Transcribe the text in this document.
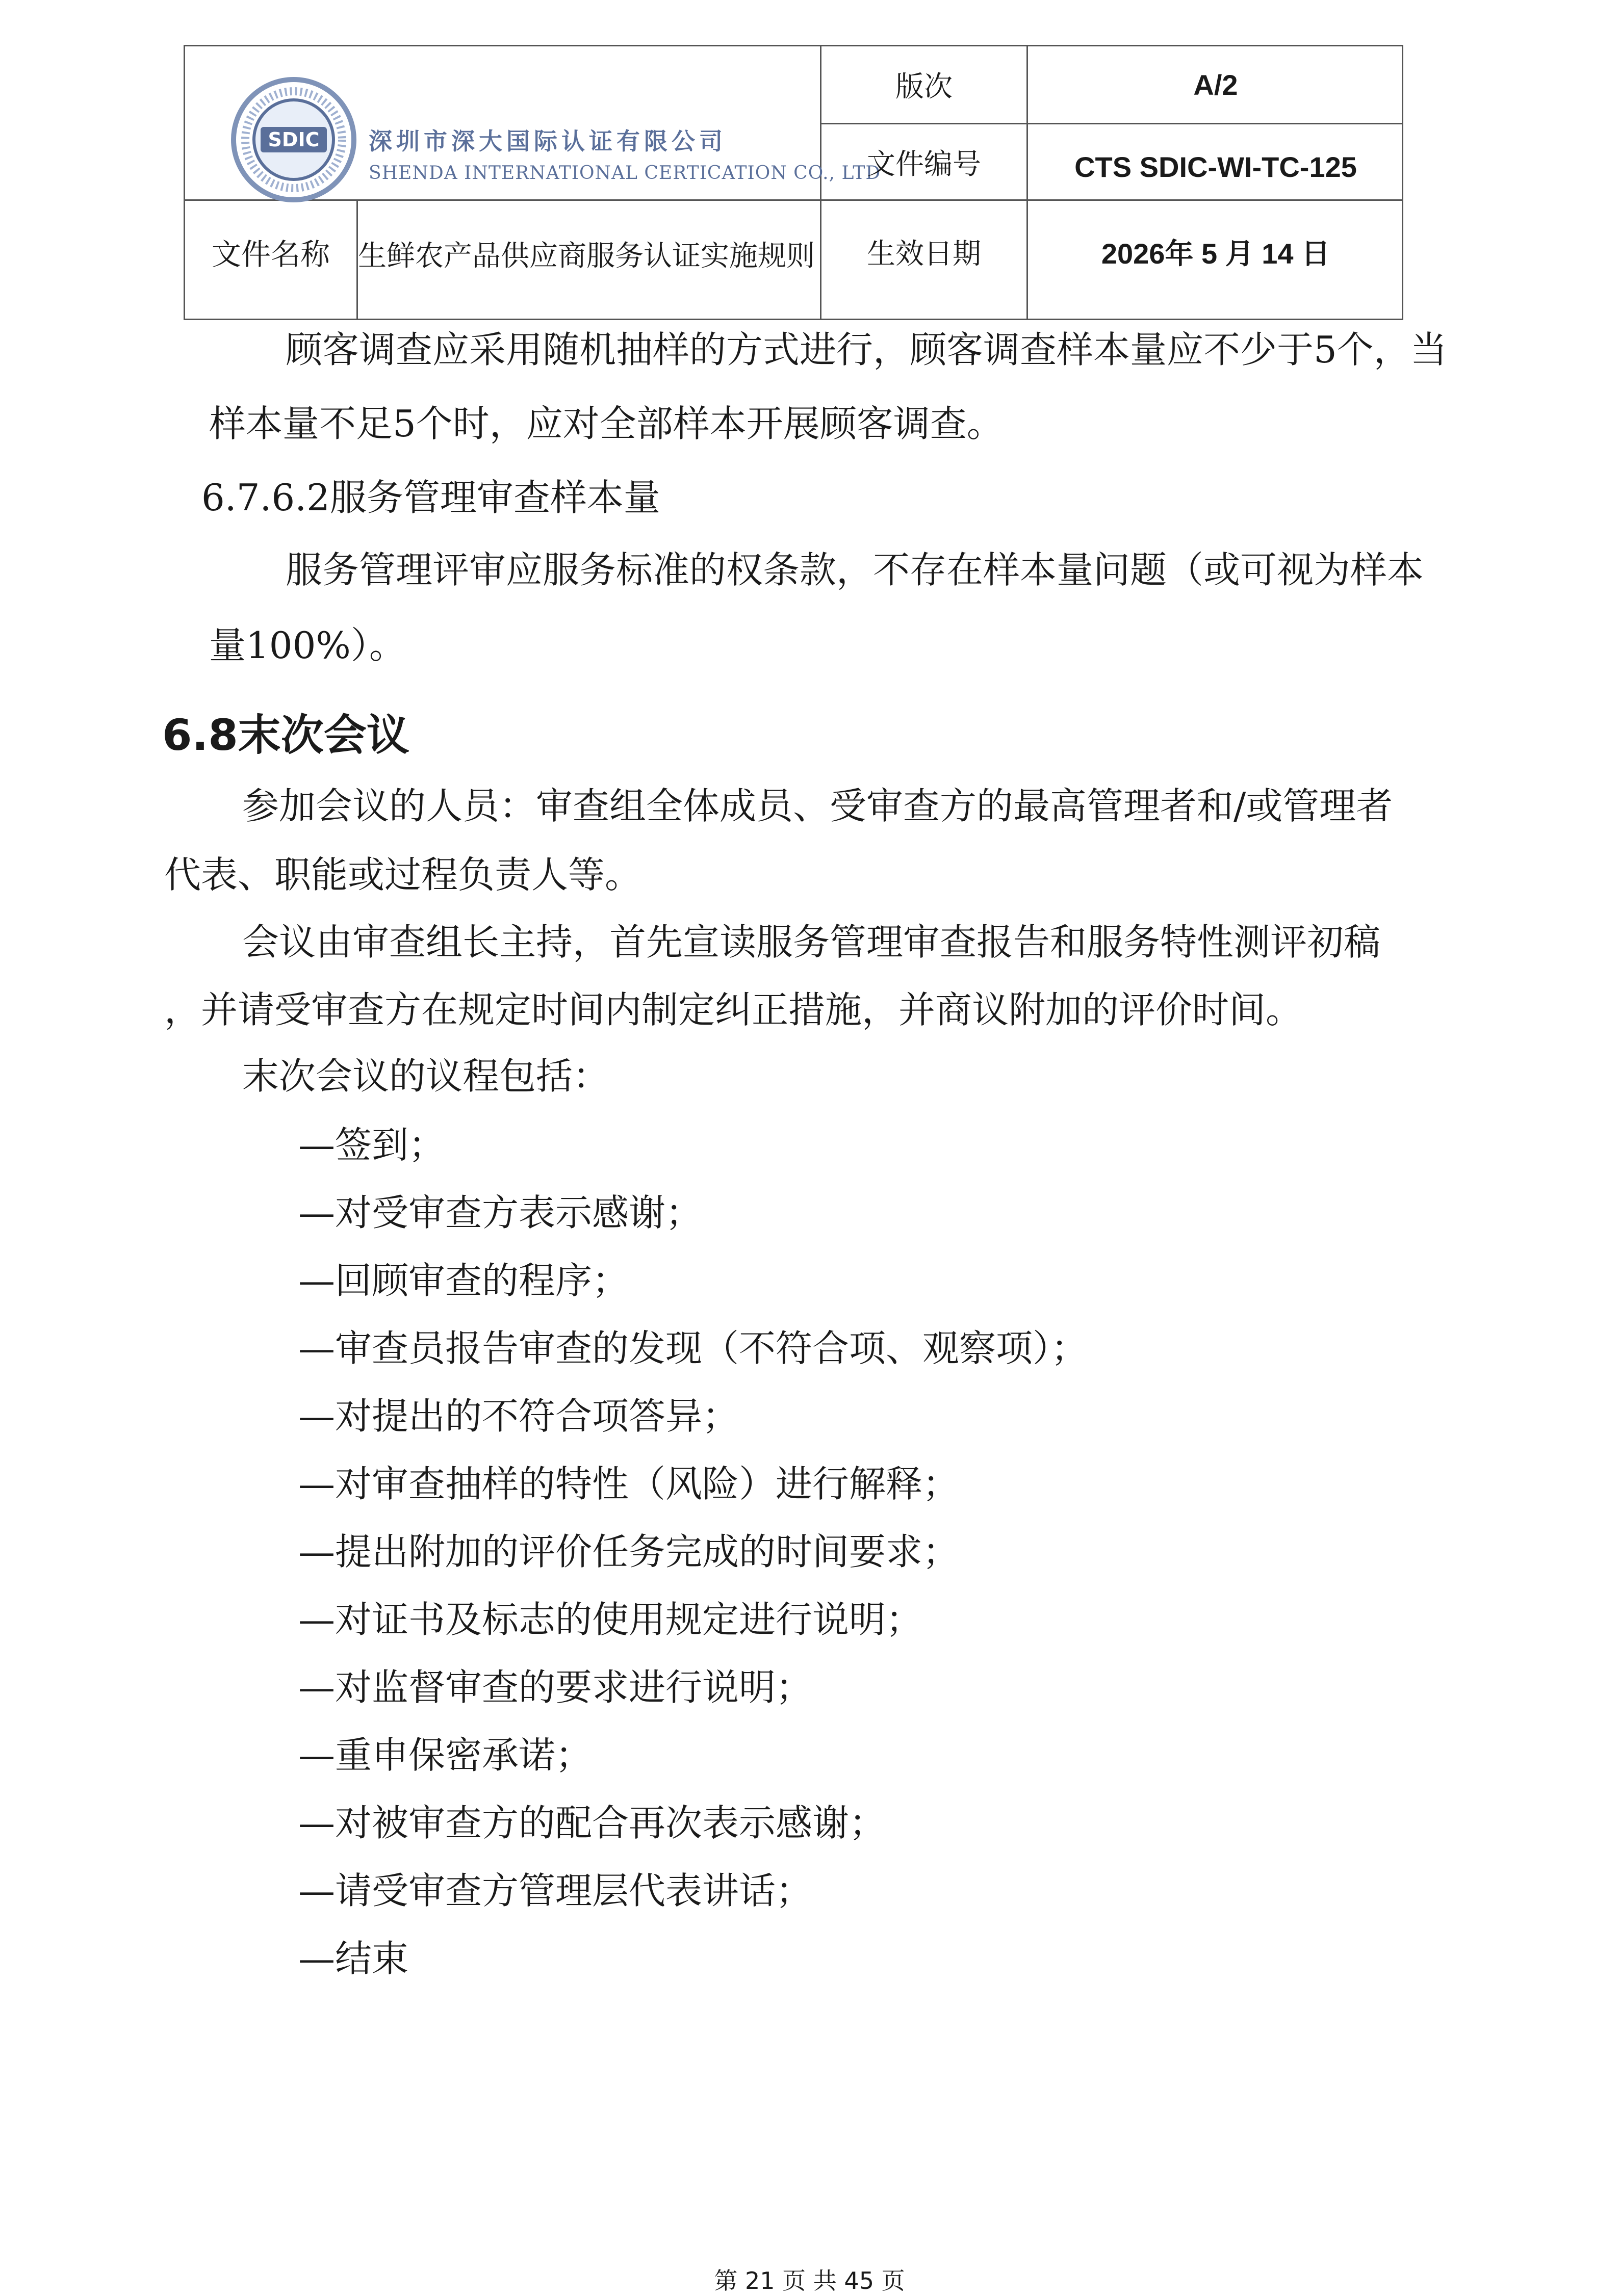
SDIC 深圳市深大国际认证有限公司
SHENDA INTERNATIONAL CERTICATION CO., LTD
版次	A/2
文件编号	CTS SDIC-WI-TC-125
文件名称 生鲜农产品供应商服务认证实施规则	生效日期	2026年 5 月 14 日
顾客调查应采用随机抽样的方式进行，顾客调查样本量应不少于5个，当
样本量不足5个时，应对全部样本开展顾客调查。
6.7.6.2服务管理审查样本量
服务管理评审应服务标准的权条款，不存在样本量问题（或可视为样本
量100%）。
6.8末次会议
参加会议的人员：审查组全体成员、受审查方的最高管理者和/或管理者
代表、职能或过程负责人等。
会议由审查组长主持，首先宣读服务管理审查报告和服务特性测评初稿
，并请受审查方在规定时间内制定纠正措施，并商议附加的评价时间。
末次会议的议程包括：
—签到；
—对受审查方表示感谢；
—回顾审查的程序；
—审查员报告审查的发现（不符合项、观察项）；
—对提出的不符合项答异；
—对审查抽样的特性（风险）进行解释；
—提出附加的评价任务完成的时间要求；
—对证书及标志的使用规定进行说明；
—对监督审查的要求进行说明；
—重申保密承诺；
—对被审查方的配合再次表示感谢；
—请受审查方管理层代表讲话；
—结束
第 21 页 共 45 页
